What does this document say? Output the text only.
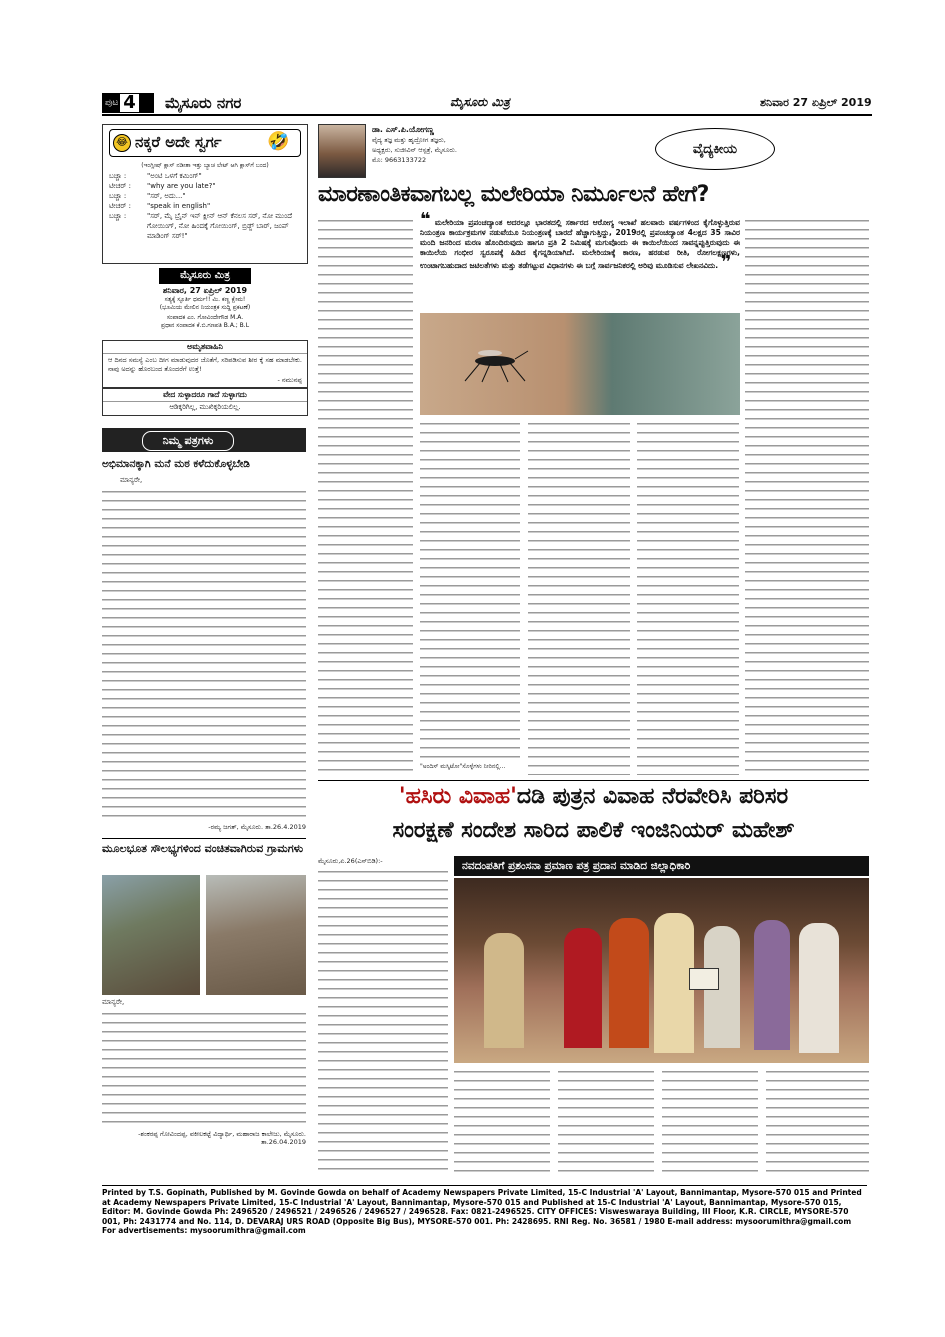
ಪುಟ 4 ಮೈಸೂರು ನಗರ	ಮೈಸೂರು ಮಿತ್ರ	ಶನಿವಾರ 27 ಏಪ್ರಿಲ್ 2019
😂 ನಕ್ಕರೆ ಅದೇ ಸ್ವರ್ಗ	🤣
(ಇಂಗ್ಲೀಷ್ ಕ್ಲಾಸ್ ನಡೀತಾ ಇತ್ತು ಬ್ಯಾಚ ಲೇಟ್ ಆಗಿ ಕ್ಲಾಸ್‌ಗೆ ಬಂದ)
ಬಚ್ಚಾ :	"ಅಂಟಿ ಒಳಗೆ ಕಮಿಂಗ್"
ಟೀಚರ್ :	"why are you late?"
ಬಚ್ಚಾ :	"ಸರ್, ಅದು..."
ಟೀಚರ್ :	"speak in english"
ಬಚ್ಚಾ :	"ಸರ್, ಮೈ ಬ್ರೈನ್ ಇನ್ ಕ್ಲೀನ್ ಆನ್ ಕೆನಲಸ ಸರ್, ನೋ ಮುಂದೆ ಗೋಯಿಂಗ್, ನೋ ಹಿಂದಕ್ಕೆ ಗೋಯಿಂಗ್, ಬ್ರಿಡ್ಜ್ ಬಾರ್, ಜಂಪ್ ಮಾಡಿಂಗ್ ಸರ್!"
ಮೈಸೂರು ಮಿತ್ರ
ಶನಿವಾರ, 27 ಏಪ್ರಿಲ್ 2019
ಸತ್ಯಕ್ಕೆ ಸ್ಫೂರ್ತಿ ಧರ್ಮ!! ಮಿ. ಕಣ್ಣ ಕ್ಷೇಮ!
(ಭೂಮಿಯ ಮೇಲಿನ ನಿಯಂತ್ರಕ ಸುದ್ದಿ ಪ್ರಕಟಣೆ)
ಸಂಪಾದಕ ಎಂ. ಗೋವಿಂದೇಗೌಡ M.A.
ಪ್ರಧಾನ ಸಂಪಾದಕ ಕೆ.ಬಿ.ಗಣಪತಿ B.A.; B.L
ಅಮೃತವಾಹಿನಿ
ಆ ದಿನದ ಸಮಸ್ಯೆ ಎಂಬ ದೀಗ ಮಾಡುವುದರ ಜೊತೆಗೆ, ಸರಿಪಡಿಸುವ ಶೀರ ಕ್ಕೆ ಸಹ ಮಾಡಬೇಕು. ನಾವು ಅದನ್ನು ಹೊರಬಂದ ತೊಂದರೆಗೆ ಉತ್ತೆ!
- ನಮುನಪ್ಪ
ವೇದ ಸುಳ್ಳಾದರೂ ಗಾದೆ ಸುಳ್ಳಾಗದು
ಆಡಿಕ್ಕರಿಗಿಲ್ಲ, ಮುಖಿಕ್ಕರಿಯಲಿಲ್ಲ.
ನಿಮ್ಮ ಪತ್ರಗಳು
ಅಭಿಮಾನಕ್ಕಾಗಿ ಮನೆ ಮಠ ಕಳೆದುಕೊಳ್ಳಬೇಡಿ
ಮಾನ್ಯರೇ,
-ರಮ್ಯ ಜಗತ್, ಮೈಸೂರು. ತಾ.26.4.2019
ಮೂಲಭೂತ ಸೌಲಭ್ಯಗಳಿಂದ ವಂಚಿತವಾಗಿರುವ ಗ್ರಾಮಗಳು
ಮಾನ್ಯರೇ,
-ಶಂಕರಪ್ಪ ಗೋವಿಂದಪ್ಪ, ವಕೀಲಕಟ್ಟೆ ವಿದ್ಯಾರ್ಥಿ, ಮಹಾರಾಜ ಕಾಲೇಜು, ಮೈಸೂರು. ತಾ.26.04.2019
ಡಾ. ಎಸ್.ಪಿ.ಯೋಗಣ್ಣ
ವೈದ್ಯ ತಜ್ಞ ಮತ್ತು ಹೃದ್ರೋಗ ತಜ್ಞರು,
ಅಧ್ಯಕ್ಷರು, ಸುಜೀವಿನ್ ಆಸ್ಪತ್ರೆ, ಮೈಸೂರು.
ಮೊ: 9663133722
ವೈದ್ಯಕೀಯ
ಮಾರಣಾಂತಿಕವಾಗಬಲ್ಲ ಮಲೇರಿಯಾ ನಿರ್ಮೂಲನೆ ಹೇಗೆ?
❝ ಮಲೇರಿಯಾ ಪ್ರಪಂಚದ್ಯಾಂತ ಅದರಲ್ಲೂ ಭಾರತದಲ್ಲಿ ಸರ್ಕಾರದ ಆರೋಗ್ಯ ಇಲಾಖೆ ಹಲವಾರು ವರ್ಷಗಳಿಂದ ಕೈಗೊಳ್ಳುತ್ತಿರುವ ನಿಯಂತ್ರಣ ಕಾರ್ಯಕ್ರಮಗಳ ನಡುವೆಯೂ ನಿಯಂತ್ರಣಕ್ಕೆ ಬಾರದೆ ಹೆಚ್ಚಾಗುತ್ತಿದ್ದು, 2019ರಲ್ಲಿ ಪ್ರಪಂಚದ್ಯಾಂತ 4ಲಕ್ಷದ 35 ಸಾವಿರ ಮಂದಿ ಜನರಿಂದ ಮರಣ ಹೊಂದಿರುವುದು ಹಾಗೂ ಪ್ರತಿ 2 ನಿಮಿಷಕ್ಕೆ ಮಗುವೊಂದು ಈ ಕಾಯಿಲೆಯಿಂದ ಸಾವನ್ನಪ್ಪುತ್ತಿರುವುದು ಈ ಕಾಯಿಲೆಯ ಗಂಭೀರ ಸ್ವರೂಪಕ್ಕೆ ಹಿಡಿದ ಕೈಗನ್ನಡಿಯಾಗಿದೆ. ಮಲೇರಿಯಾಕ್ಕೆ ಕಾರಣ, ಹರಡುವ ರೀತಿ, ರೋಗಲಕ್ಷಣಗಳು, ಉಂಟಾಗಬಹುದಾದ ಜಟಿಲತೆಗಳು ಮತ್ತು ತಡೆಗಟ್ಟುವ ವಿಧಾನಗಳು ಈ ಬಗ್ಗೆ ಸಾರ್ವಜನಿಕರಲ್ಲಿ ಅರಿವು ಮೂಡಿಸುವ ಲೇಖನವಿದು. ❞
"ಅಂದಿಸ್ ಮಸ್ಕಿಟೋ"ಸೊಳ್ಳೆಗಳು ನೀರಿನಲ್ಲಿ...
'ಹಸಿರು ವಿವಾಹ'ದಡಿ ಪುತ್ರನ ವಿವಾಹ ನೆರವೇರಿಸಿ ಪರಿಸರ
ಸಂರಕ್ಷಣೆ ಸಂದೇಶ ಸಾರಿದ ಪಾಲಿಕೆ ಇಂಜಿನಿಯರ್ ಮಹೇಶ್
ಮೈಸೂರು,ಏ.26(ಎಸ್‌ಬಿಡಿ):-	ನವದಂಪತಿಗೆ ಪ್ರಶಂಸನಾ ಪ್ರಮಾಣ ಪತ್ರ ಪ್ರದಾನ ಮಾಡಿದ ಜಿಲ್ಲಾಧಿಕಾರಿ
Printed by T.S. Gopinath, Published by M. Govinde Gowda on behalf of Academy Newspapers Private Limited, 15-C Industrial 'A' Layout, Bannimantap, Mysore-570 015 and Printed at Academy Newspapers Private Limited, 15-C Industrial 'A' Layout, Bannimantap, Mysore-570 015 and Published at 15-C Industrial 'A' Layout, Bannimantap, Mysore-570 015, Editor: M. Govinde Gowda Ph: 2496520 / 2496521 / 2496526 / 2496527 / 2496528. Fax: 0821-2496525. CITY OFFICES: Visweswaraya Building, III Floor, K.R. CIRCLE, MYSORE-570 001, Ph: 2431774 and No. 114, D. DEVARAJ URS ROAD (Opposite Big Bus), MYSORE-570 001. Ph: 2428695. RNI Reg. No. 36581 / 1980 E-mail address: mysoorumithra@gmail.com For advertisements: mysoorumithra@gmail.com
